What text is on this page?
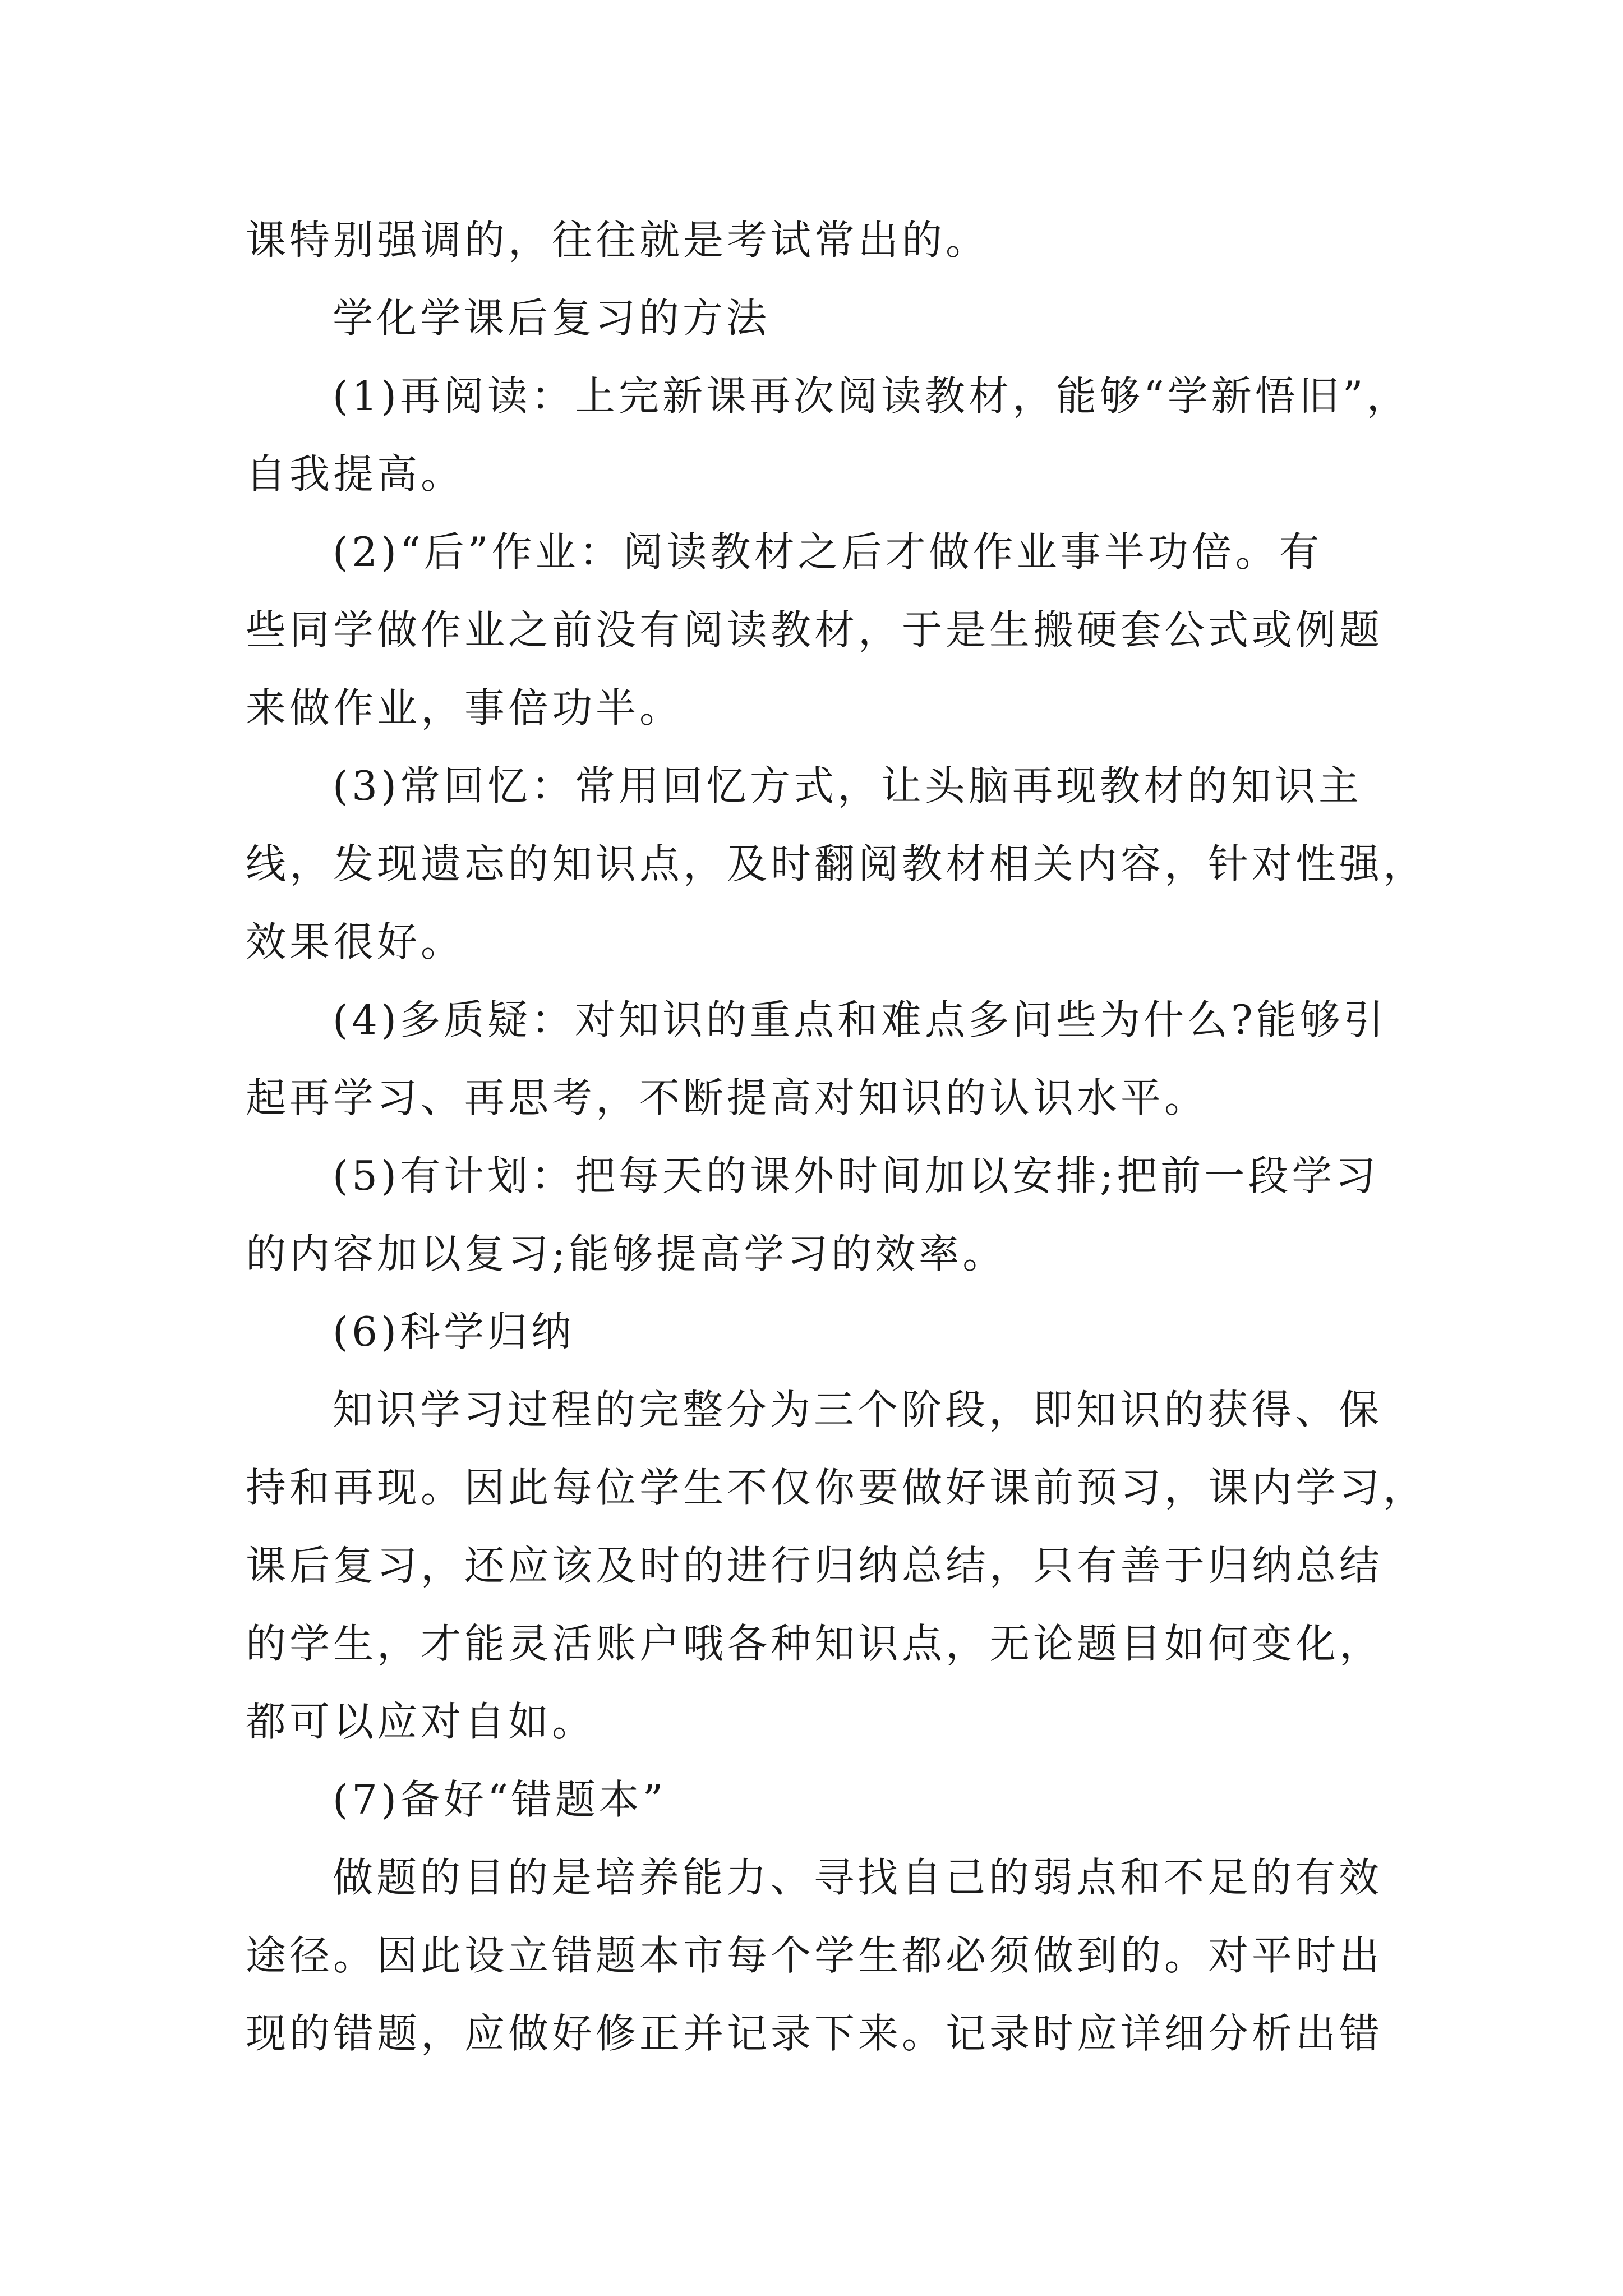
课特别强调的，往往就是考试常出的。
学化学课后复习的方法
(1)再阅读：上完新课再次阅读教材，能够“学新悟旧”，
自我提高。
(2)“后”作业：阅读教材之后才做作业事半功倍。有
些同学做作业之前没有阅读教材，于是生搬硬套公式或例题
来做作业，事倍功半。
(3)常回忆：常用回忆方式，让头脑再现教材的知识主
线，发现遗忘的知识点，及时翻阅教材相关内容，针对性强，
效果很好。
(4)多质疑：对知识的重点和难点多问些为什么?能够引
起再学习、再思考，不断提高对知识的认识水平。
(5)有计划：把每天的课外时间加以安排;把前一段学习
的内容加以复习;能够提高学习的效率。
(6)科学归纳
知识学习过程的完整分为三个阶段，即知识的获得、保
持和再现。因此每位学生不仅你要做好课前预习，课内学习，
课后复习，还应该及时的进行归纳总结，只有善于归纳总结
的学生，才能灵活账户哦各种知识点，无论题目如何变化，
都可以应对自如。
(7)备好“错题本”
做题的目的是培养能力、寻找自己的弱点和不足的有效
途径。因此设立错题本市每个学生都必须做到的。对平时出
现的错题，应做好修正并记录下来。记录时应详细分析出错
